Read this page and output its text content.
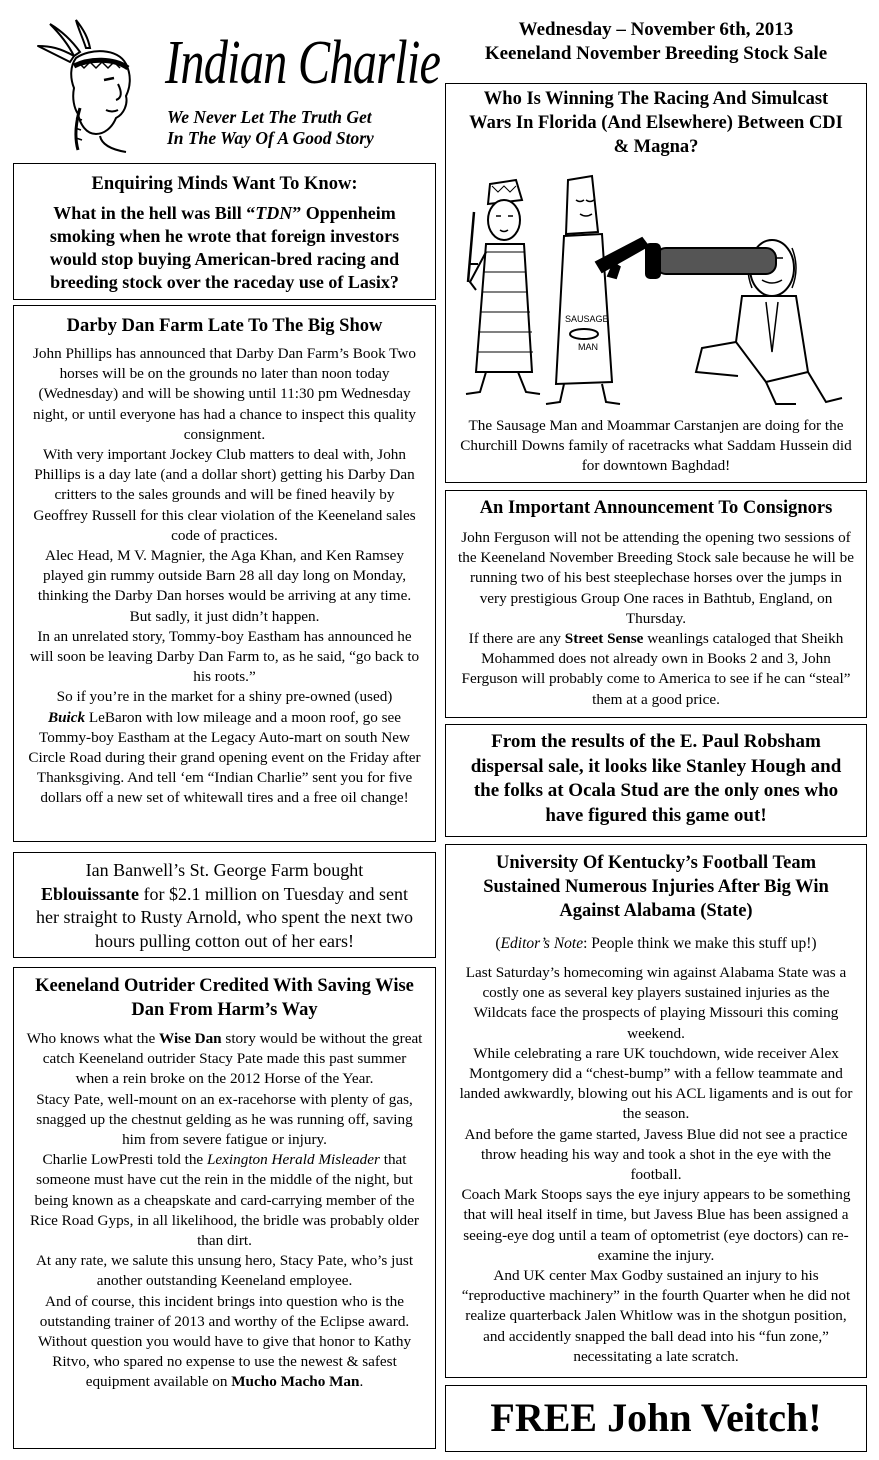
Indian Charlie
We Never Let The Truth Get
In The Way Of A Good Story
Wednesday – November 6th, 2013
Keeneland November Breeding Stock Sale
Enquiring Minds Want To Know:
What in the hell was Bill “TDN” Oppenheim smoking when he wrote that foreign investors would stop buying American-bred racing and breeding stock over the raceday use of Lasix?
Darby Dan Farm Late To The Big Show

John Phillips has announced that Darby Dan Farm’s Book Two horses will be on the grounds no later than noon today (Wednesday) and will be showing until 11:30 pm Wednesday night, or until everyone has had a chance to inspect this quality consignment.

With very important Jockey Club matters to deal with, John Phillips is a day late (and a dollar short) getting his Darby Dan critters to the sales grounds and will be fined heavily by Geoffrey Russell for this clear violation of the Keeneland sales code of practices.

Alec Head, M V. Magnier, the Aga Khan, and Ken Ramsey played gin rummy outside Barn 28 all day long on Monday, thinking the Darby Dan horses would be arriving at any time. But sadly, it just didn’t happen.

In an unrelated story, Tommy-boy Eastham has announced he will soon be leaving Darby Dan Farm to, as he said, “go back to his roots.”

So if you’re in the market for a shiny pre-owned (used)
Buick LeBaron with low mileage and a moon roof, go see Tommy-boy Eastham at the Legacy Auto-mart on south New Circle Road during their grand opening event on the Friday after Thanksgiving. And tell ‘em “Indian Charlie” sent you for five dollars off a new set of whitewall tires and a free oil change!

Ian Banwell’s St. George Farm bought
Eblouissante for $2.1 million on Tuesday and sent her straight to Rusty Arnold, who spent the next two hours pulling cotton out of her ears!
Keeneland Outrider Credited With Saving Wise Dan From Harm’s Way

Who knows what the Wise Dan story would be without the great catch Keeneland outrider Stacy Pate made this past summer when a rein broke on the 2012 Horse of the Year.

Stacy Pate, well-mount on an ex-racehorse with plenty of gas, snagged up the chestnut gelding as he was running off, saving him from severe fatigue or injury.

Charlie LowPresti told the Lexington Herald Misleader that someone must have cut the rein in the middle of the night, but being known as a cheapskate and card-carrying member of the Rice Road Gyps, in all likelihood, the bridle was probably older than dirt.

At any rate, we salute this unsung hero, Stacy Pate, who’s just another outstanding Keeneland employee.

And of course, this incident brings into question who is the outstanding trainer of 2013 and worthy of the Eclipse award.

Without question you would have to give that honor to Kathy Ritvo, who spared no expense to use the newest & safest equipment available on Mucho Macho Man.

Who Is Winning The Racing And Simulcast Wars In Florida (And Elsewhere) Between CDI & Magna?
SAUSAGE
MAN
The Sausage Man and Moammar Carstanjen are doing for the Churchill Downs family of racetracks what Saddam Hussein did for downtown Baghdad!
An Important Announcement To Consignors

John Ferguson will not be attending the opening two sessions of the Keeneland November Breeding Stock sale because he will be running two of his best steeplechase horses over the jumps in very prestigious Group One races in Bathtub, England, on Thursday.

If there are any Street Sense weanlings cataloged that Sheikh Mohammed does not already own in Books 2 and 3, John Ferguson will probably come to America to see if he can “steal” them at a good price.

From the results of the E. Paul Robsham dispersal sale, it looks like Stanley Hough and the folks at Ocala Stud are the only ones who have figured this game out!
University Of Kentucky’s Football Team Sustained Numerous Injuries After Big Win Against Alabama (State)
(Editor’s Note: People think we make this stuff up!)

Last Saturday’s homecoming win against Alabama State was a costly one as several key players sustained injuries as the Wildcats face the prospects of playing Missouri this coming weekend.

While celebrating a rare UK touchdown, wide receiver Alex Montgomery did a “chest-bump” with a fellow teammate and landed awkwardly, blowing out his ACL ligaments and is out for the season.

And before the game started, Javess Blue did not see a practice throw heading his way and took a shot in the eye with the football.

Coach Mark Stoops says the eye injury appears to be something that will heal itself in time, but Javess Blue has been assigned a seeing-eye dog until a team of optometrist (eye doctors) can re-examine the injury.

And UK center Max Godby sustained an injury to his “reproductive machinery” in the fourth Quarter when he did not realize quarterback Jalen Whitlow was in the shotgun position, and accidently snapped the ball dead into his “fun zone,” necessitating a late scratch.

FREE John Veitch!
